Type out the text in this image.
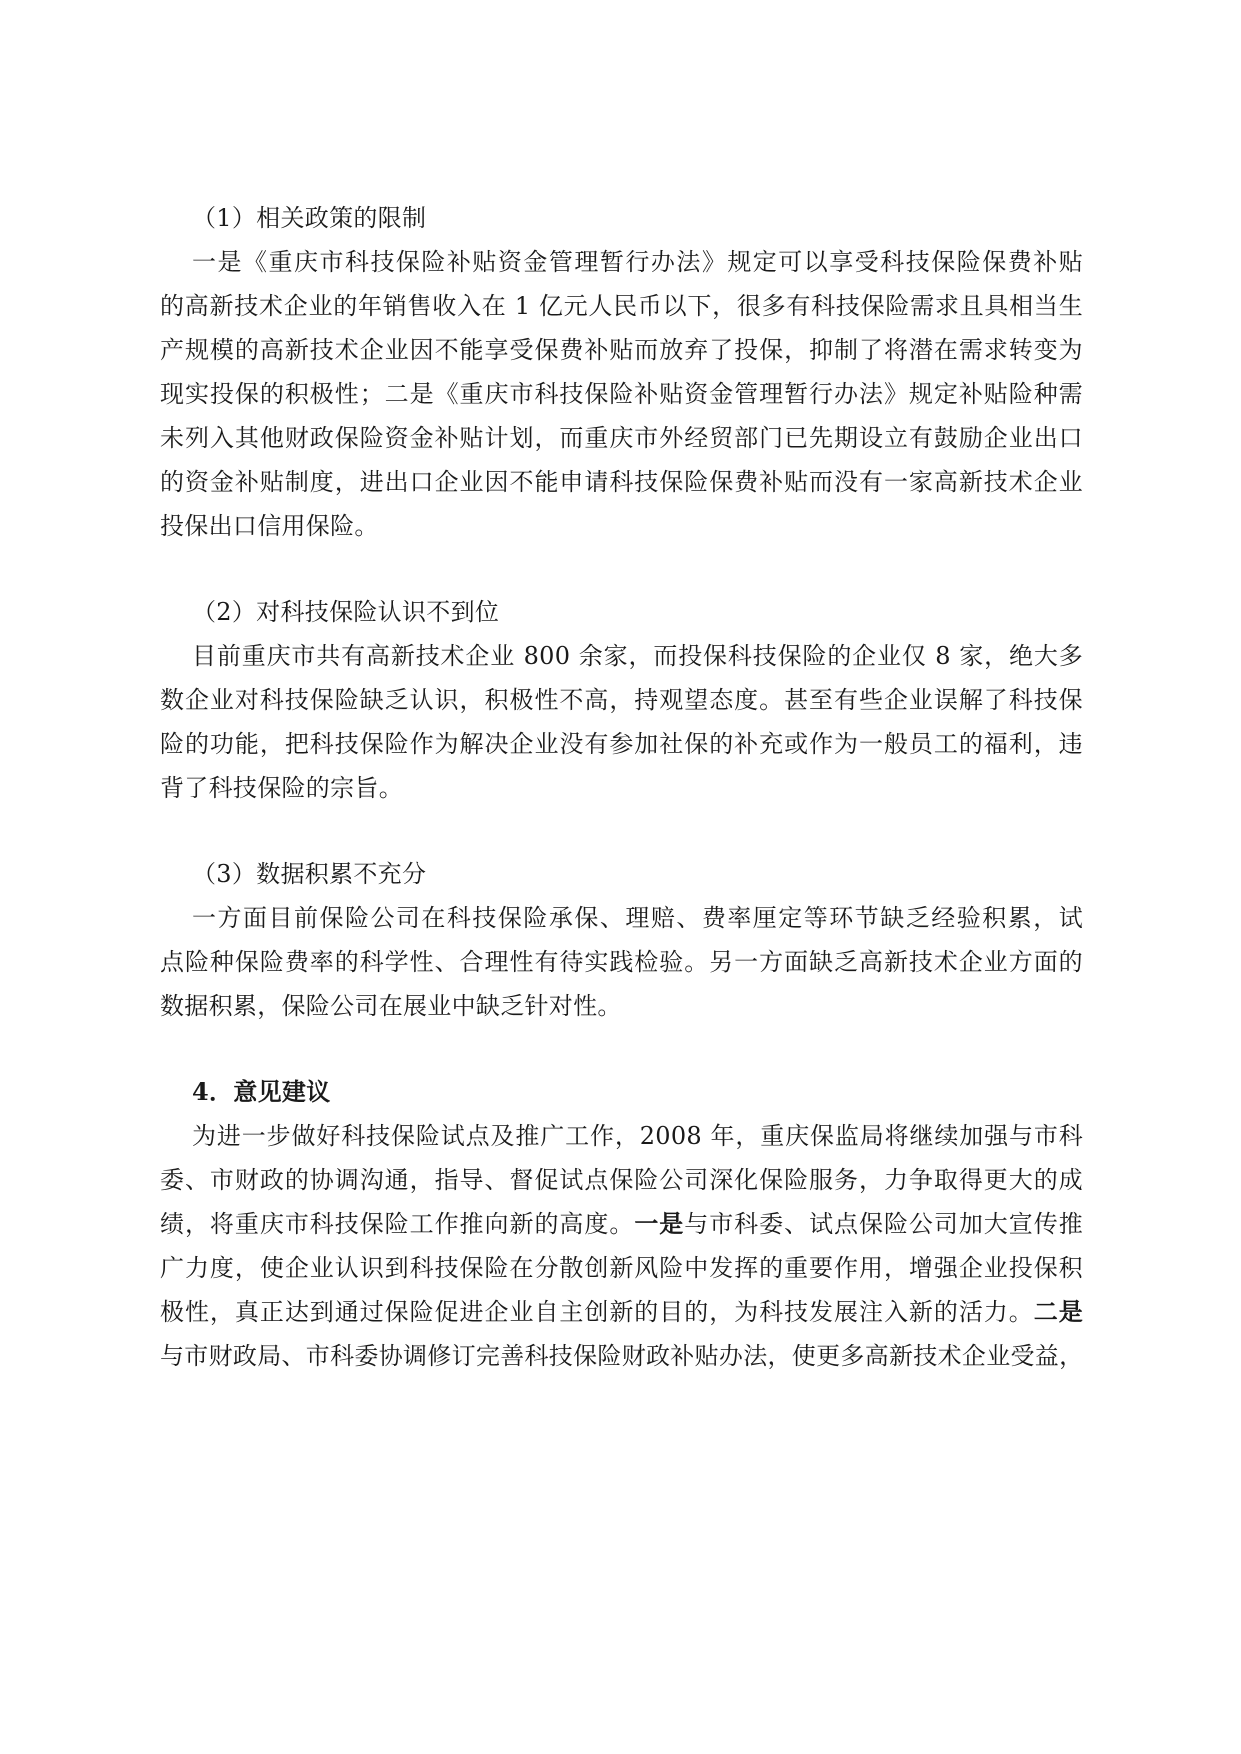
（1）相关政策的限制
一是《重庆市科技保险补贴资金管理暂行办法》规定可以享受科技保险保费补贴
的高新技术企业的年销售收入在 1 亿元人民币以下，很多有科技保险需求且具相当生
产规模的高新技术企业因不能享受保费补贴而放弃了投保，抑制了将潜在需求转变为
现实投保的积极性；二是《重庆市科技保险补贴资金管理暂行办法》规定补贴险种需
未列入其他财政保险资金补贴计划，而重庆市外经贸部门已先期设立有鼓励企业出口
的资金补贴制度，进出口企业因不能申请科技保险保费补贴而没有一家高新技术企业
投保出口信用保险。
（2）对科技保险认识不到位
目前重庆市共有高新技术企业 800 余家，而投保科技保险的企业仅 8 家，绝大多
数企业对科技保险缺乏认识，积极性不高，持观望态度。甚至有些企业误解了科技保
险的功能，把科技保险作为解决企业没有参加社保的补充或作为一般员工的福利，违
背了科技保险的宗旨。
（3）数据积累不充分
一方面目前保险公司在科技保险承保、理赔、费率厘定等环节缺乏经验积累，试
点险种保险费率的科学性、合理性有待实践检验。另一方面缺乏高新技术企业方面的
数据积累，保险公司在展业中缺乏针对性。
4．意见建议
为进一步做好科技保险试点及推广工作，2008 年，重庆保监局将继续加强与市科
委、市财政的协调沟通，指导、督促试点保险公司深化保险服务，力争取得更大的成
绩，将重庆市科技保险工作推向新的高度。一是与市科委、试点保险公司加大宣传推
广力度，使企业认识到科技保险在分散创新风险中发挥的重要作用，增强企业投保积
极性，真正达到通过保险促进企业自主创新的目的，为科技发展注入新的活力。二是
与市财政局、市科委协调修订完善科技保险财政补贴办法，使更多高新技术企业受益，
